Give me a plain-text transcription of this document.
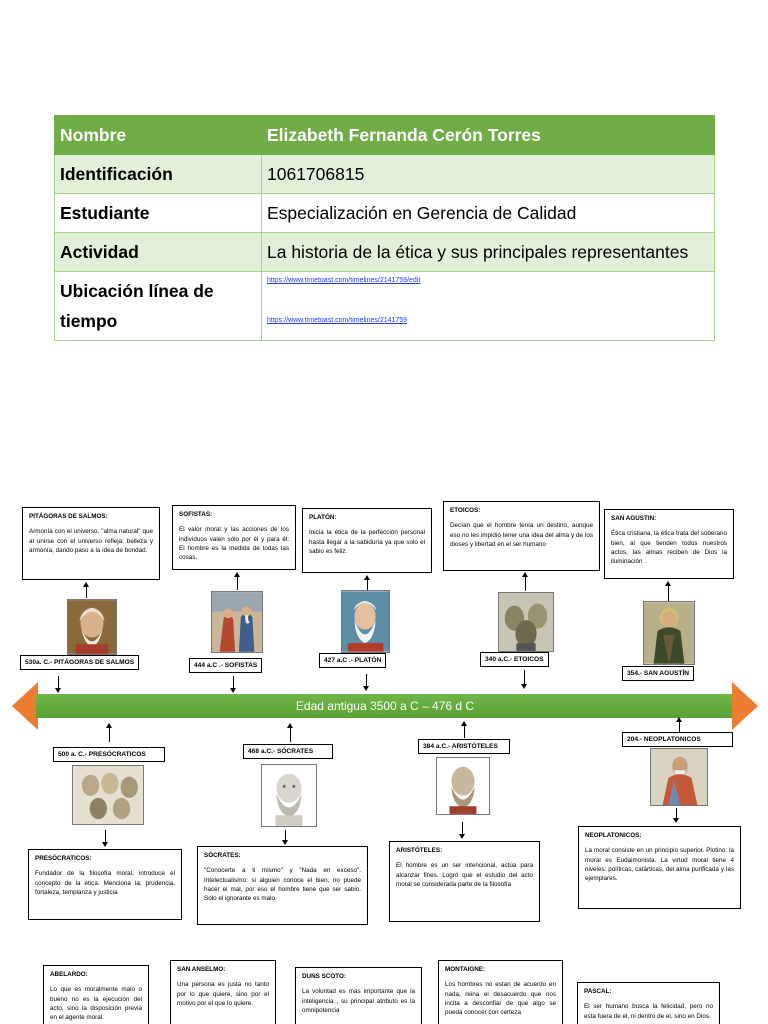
Nombre	Elizabeth Fernanda Cerón Torres
Identificación	1061706815
Estudiante	Especialización en Gerencia de Calidad
Actividad	La historia de la ética y sus principales representantes
Ubicación línea de tiempo	https://www.timetoast.com/timelines/2141759/edit
https://www.timetoast.com/timelines/2141759
Edad antigua 3500 a C – 476 d C
PITÁGORAS DE SALMOS:
Armonía con el universo, "alma natural" que al unirse con el universo refleja: belleza y armonía, dando paso a la idea de bondad.
530a. C.- PITÁGORAS DE SALMOS
SOFISTAS:
El valor moral y las acciones de los individuos valen sólo por él y para él: El hombre es la medida de todas las cosas.
444 a.C .- SOFISTAS
PLATÓN:
Inicia la ética de la perfección personal hasta llegar a la sabiduría ya que solo el sabio es feliz.
427 a.C .- PLATÓN
ETOICOS:
Decían que el hombre tenía un destino, aunque eso no les impidió tener una idea del alma y de los dioses y libertad en el ser humano
340 a.C.- ETOICOS
SAN AGUSTIN:
Ética cristiana, la ética trata del soberano bien, al que tienden todos nuestros actos, las almas reciben de Dios la iluminación .
354.- SAN AGUSTÍN
500 a. C.- PRESÓCRATICOS
PRESÓCRATICOS:
Fundador de la filosofía moral, introduce el concepto de la ética. Menciona la: prudencia, fortaleza, templanza y justicia
468 a.C.- SÓCRATES
SÓCRATES:
"Conocerte a ti mismo" y "Nada en exceso". Intelectualismo: si alguien conoce el bien, no puede hacer el mal, por eso el hombre tiene que ser sabio. Solo el ignorante es malo
384 a.C.- ARISTÓTELES
ARISTÓTELES:
El hombre es un ser intencional, actúa para alcanzar fines. Logró que el estudio del acto moral se considerada parte de la filosofía
204.- NEOPLATONICOS
NEOPLATONICOS:
La moral consiste en un principio superior. Plotino: la moral es Eudaimonista. La virtud moral tiene 4 niveles: políticas, catárticas, del alma purificada y las ejemplares.
ABELARDO:
Lo que es moralmente malo o bueno no es la ejecución del acto, sino la disposición previa en el agente moral.
SAN ANSELMO:
Una persona es justa no tanto por lo que quiere, sino por el motivo por el que lo quiere.
DUNS SCOTO:
La voluntad es mas importante que la inteligencia , su principal atributo es la omnipotencia
MONTAIGNE:
Los hombres no estan de acuerdo en nada, reina el desacuerdo que nos incita a desconfiar de que algo se pueda conocer con certeza
PASCAL:
El ser humano busca la felicidad, pero no esta fuera de el, ni dentro de el, sino en Dios.
